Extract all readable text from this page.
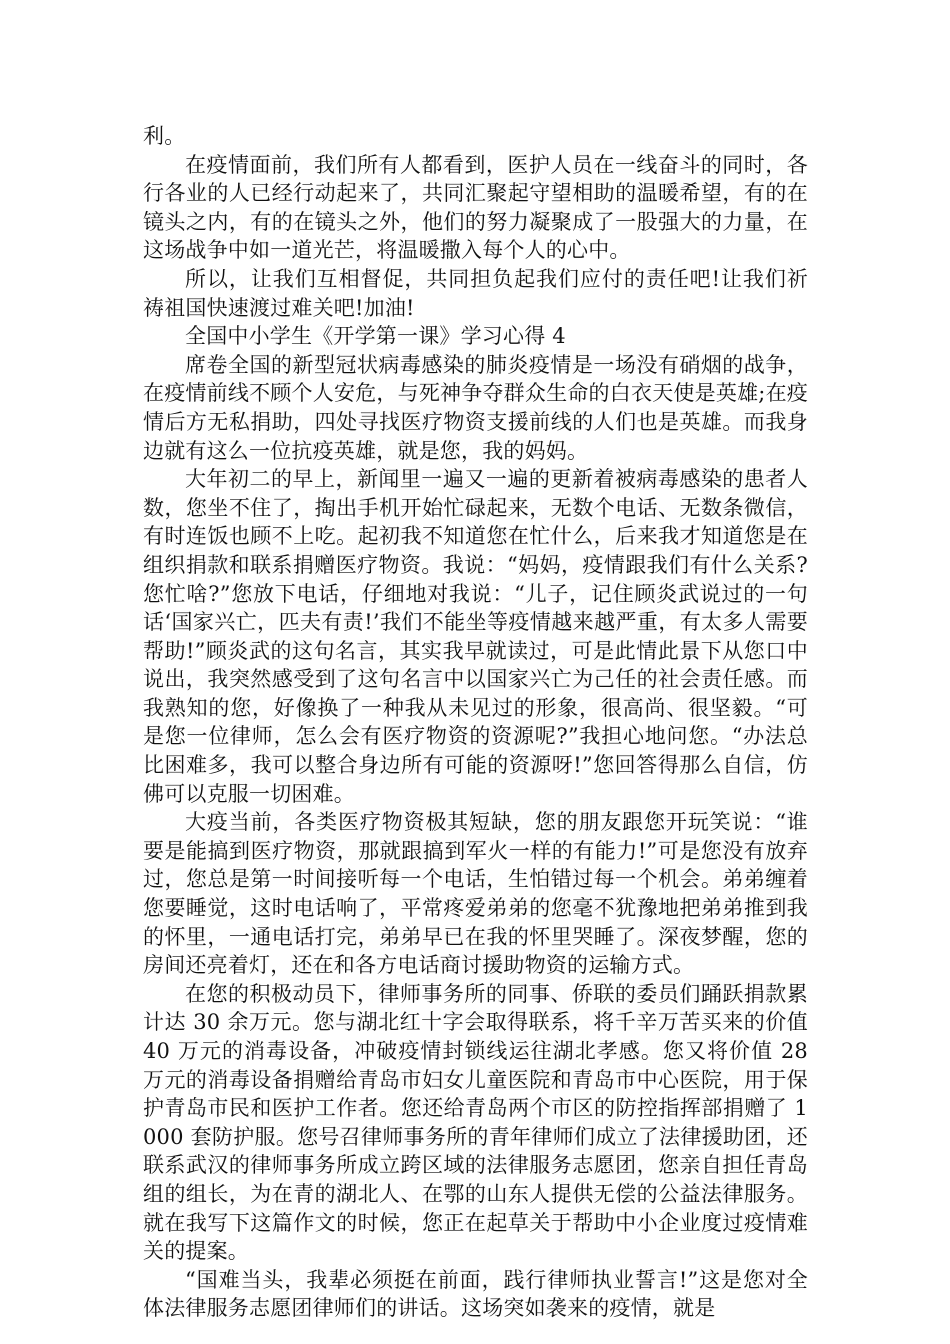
利。

在疫情面前，我们所有人都看到，医护人员在一线奋斗的同时，各行各业的人已经行动起来了，共同汇聚起守望相助的温暖希望，有的在镜头之内，有的在镜头之外，他们的努力凝聚成了一股强大的力量，在这场战争中如一道光芒，将温暖撒入每个人的心中。

所以，让我们互相督促，共同担负起我们应付的责任吧!让我们祈祷祖国快速渡过难关吧!加油!

全国中小学生《开学第一课》学习心得 4

席卷全国的新型冠状病毒感染的肺炎疫情是一场没有硝烟的战争，在疫情前线不顾个人安危，与死神争夺群众生命的白衣天使是英雄;在疫情后方无私捐助，四处寻找医疗物资支援前线的人们也是英雄。而我身边就有这么一位抗疫英雄，就是您，我的妈妈。

大年初二的早上，新闻里一遍又一遍的更新着被病毒感染的患者人数，您坐不住了，掏出手机开始忙碌起来，无数个电话、无数条微信，有时连饭也顾不上吃。起初我不知道您在忙什么，后来我才知道您是在组织捐款和联系捐赠医疗物资。我说：“妈妈，疫情跟我们有什么关系?您忙啥?”您放下电话，仔细地对我说：“儿子，记住顾炎武说过的一句话‘国家兴亡，匹夫有责!’我们不能坐等疫情越来越严重，有太多人需要帮助!”顾炎武的这句名言，其实我早就读过，可是此情此景下从您口中说出，我突然感受到了这句名言中以国家兴亡为己任的社会责任感。而我熟知的您，好像换了一种我从未见过的形象，很高尚、很坚毅。“可是您一位律师，怎么会有医疗物资的资源呢?”我担心地问您。“办法总比困难多，我可以整合身边所有可能的资源呀!”您回答得那么自信，仿佛可以克服一切困难。

大疫当前，各类医疗物资极其短缺，您的朋友跟您开玩笑说：“谁要是能搞到医疗物资，那就跟搞到军火一样的有能力!”可是您没有放弃过，您总是第一时间接听每一个电话，生怕错过每一个机会。弟弟缠着您要睡觉，这时电话响了，平常疼爱弟弟的您毫不犹豫地把弟弟推到我的怀里，一通电话打完，弟弟早已在我的怀里哭睡了。深夜梦醒，您的房间还亮着灯，还在和各方电话商讨援助物资的运输方式。

在您的积极动员下，律师事务所的同事、侨联的委员们踊跃捐款累计达 30 余万元。您与湖北红十字会取得联系，将千辛万苦买来的价值 40 万元的消毒设备，冲破疫情封锁线运往湖北孝感。您又将价值 28 万元的消毒设备捐赠给青岛市妇女儿童医院和青岛市中心医院，用于保护青岛市民和医护工作者。您还给青岛两个市区的防控指挥部捐赠了 1000 套防护服。您号召律师事务所的青年律师们成立了法律援助团，还联系武汉的律师事务所成立跨区域的法律服务志愿团，您亲自担任青岛组的组长，为在青的湖北人、在鄂的山东人提供无偿的公益法律服务。就在我写下这篇作文的时候，您正在起草关于帮助中小企业度过疫情难关的提案。

“国难当头，我辈必须挺在前面，践行律师执业誓言!”这是您对全体法律服务志愿团律师们的讲话。这场突如袭来的疫情，就是
